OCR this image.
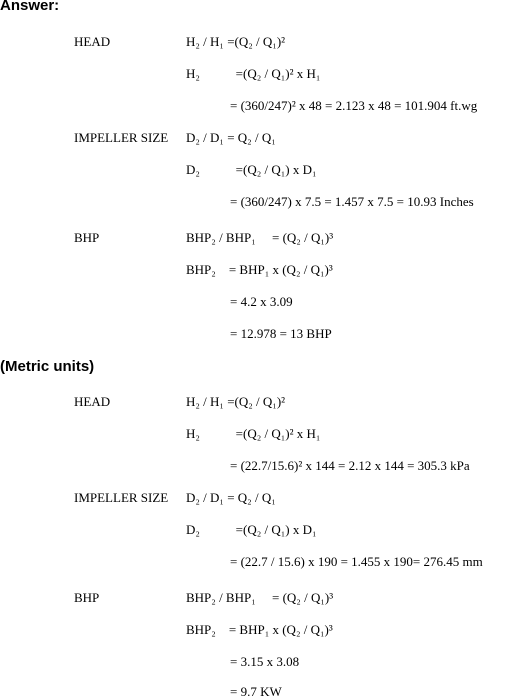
Answer:
HEAD	H₂ / H₁ =(Q₂ / Q₁)²
H₂           =(Q₂ / Q₁)² x H₁
= (360/247)² x 48 = 2.123 x 48 = 101.904 ft.wg
IMPELLER SIZE D₂ / D₁ = Q₂ / Q₁
D₂           =(Q₂ / Q₁) x D₁
= (360/247) x 7.5 = 1.457 x 7.5 = 10.93 Inches
BHP	BHP₂ / BHP₁     = (Q₂ / Q₁)³
BHP₂    = BHP₁ x (Q₂ / Q₁)³
= 4.2 x 3.09
= 12.978 = 13 BHP
(Metric units)
HEAD	H₂ / H₁ =(Q₂ / Q₁)²
H₂           =(Q₂ / Q₁)² x H₁
= (22.7/15.6)² x 144 = 2.12 x 144 = 305.3 kPa
IMPELLER SIZE D₂ / D₁ = Q₂ / Q₁
D₂           =(Q₂ / Q₁) x D₁
= (22.7 / 15.6) x 190 = 1.455 x 190= 276.45 mm
BHP	BHP₂ / BHP₁     = (Q₂ / Q₁)³
BHP₂    = BHP₁ x (Q₂ / Q₁)³
= 3.15 x 3.08
= 9.7 KW
